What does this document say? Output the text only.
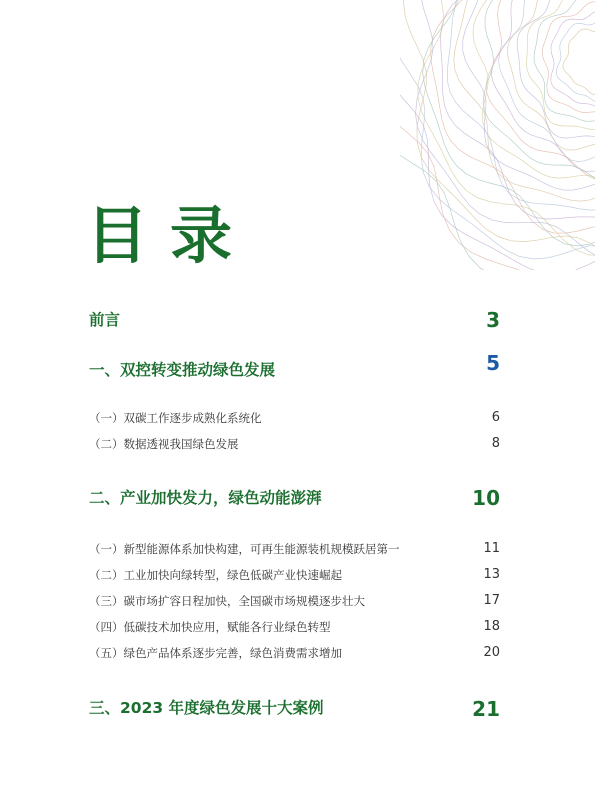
目录
前言	3
一、双控转变推动绿色发展	5
（一）双碳工作逐步成熟化系统化	6
（二）数据透视我国绿色发展	8
二、产业加快发力，绿色动能澎湃	10
（一）新型能源体系加快构建，可再生能源装机规模跃居第一	11
（二）工业加快向绿转型，绿色低碳产业快速崛起	13
（三）碳市场扩容日程加快，全国碳市场规模逐步壮大	17
（四）低碳技术加快应用，赋能各行业绿色转型	18
（五）绿色产品体系逐步完善，绿色消费需求增加	20
三、2023 年度绿色发展十大案例	21
